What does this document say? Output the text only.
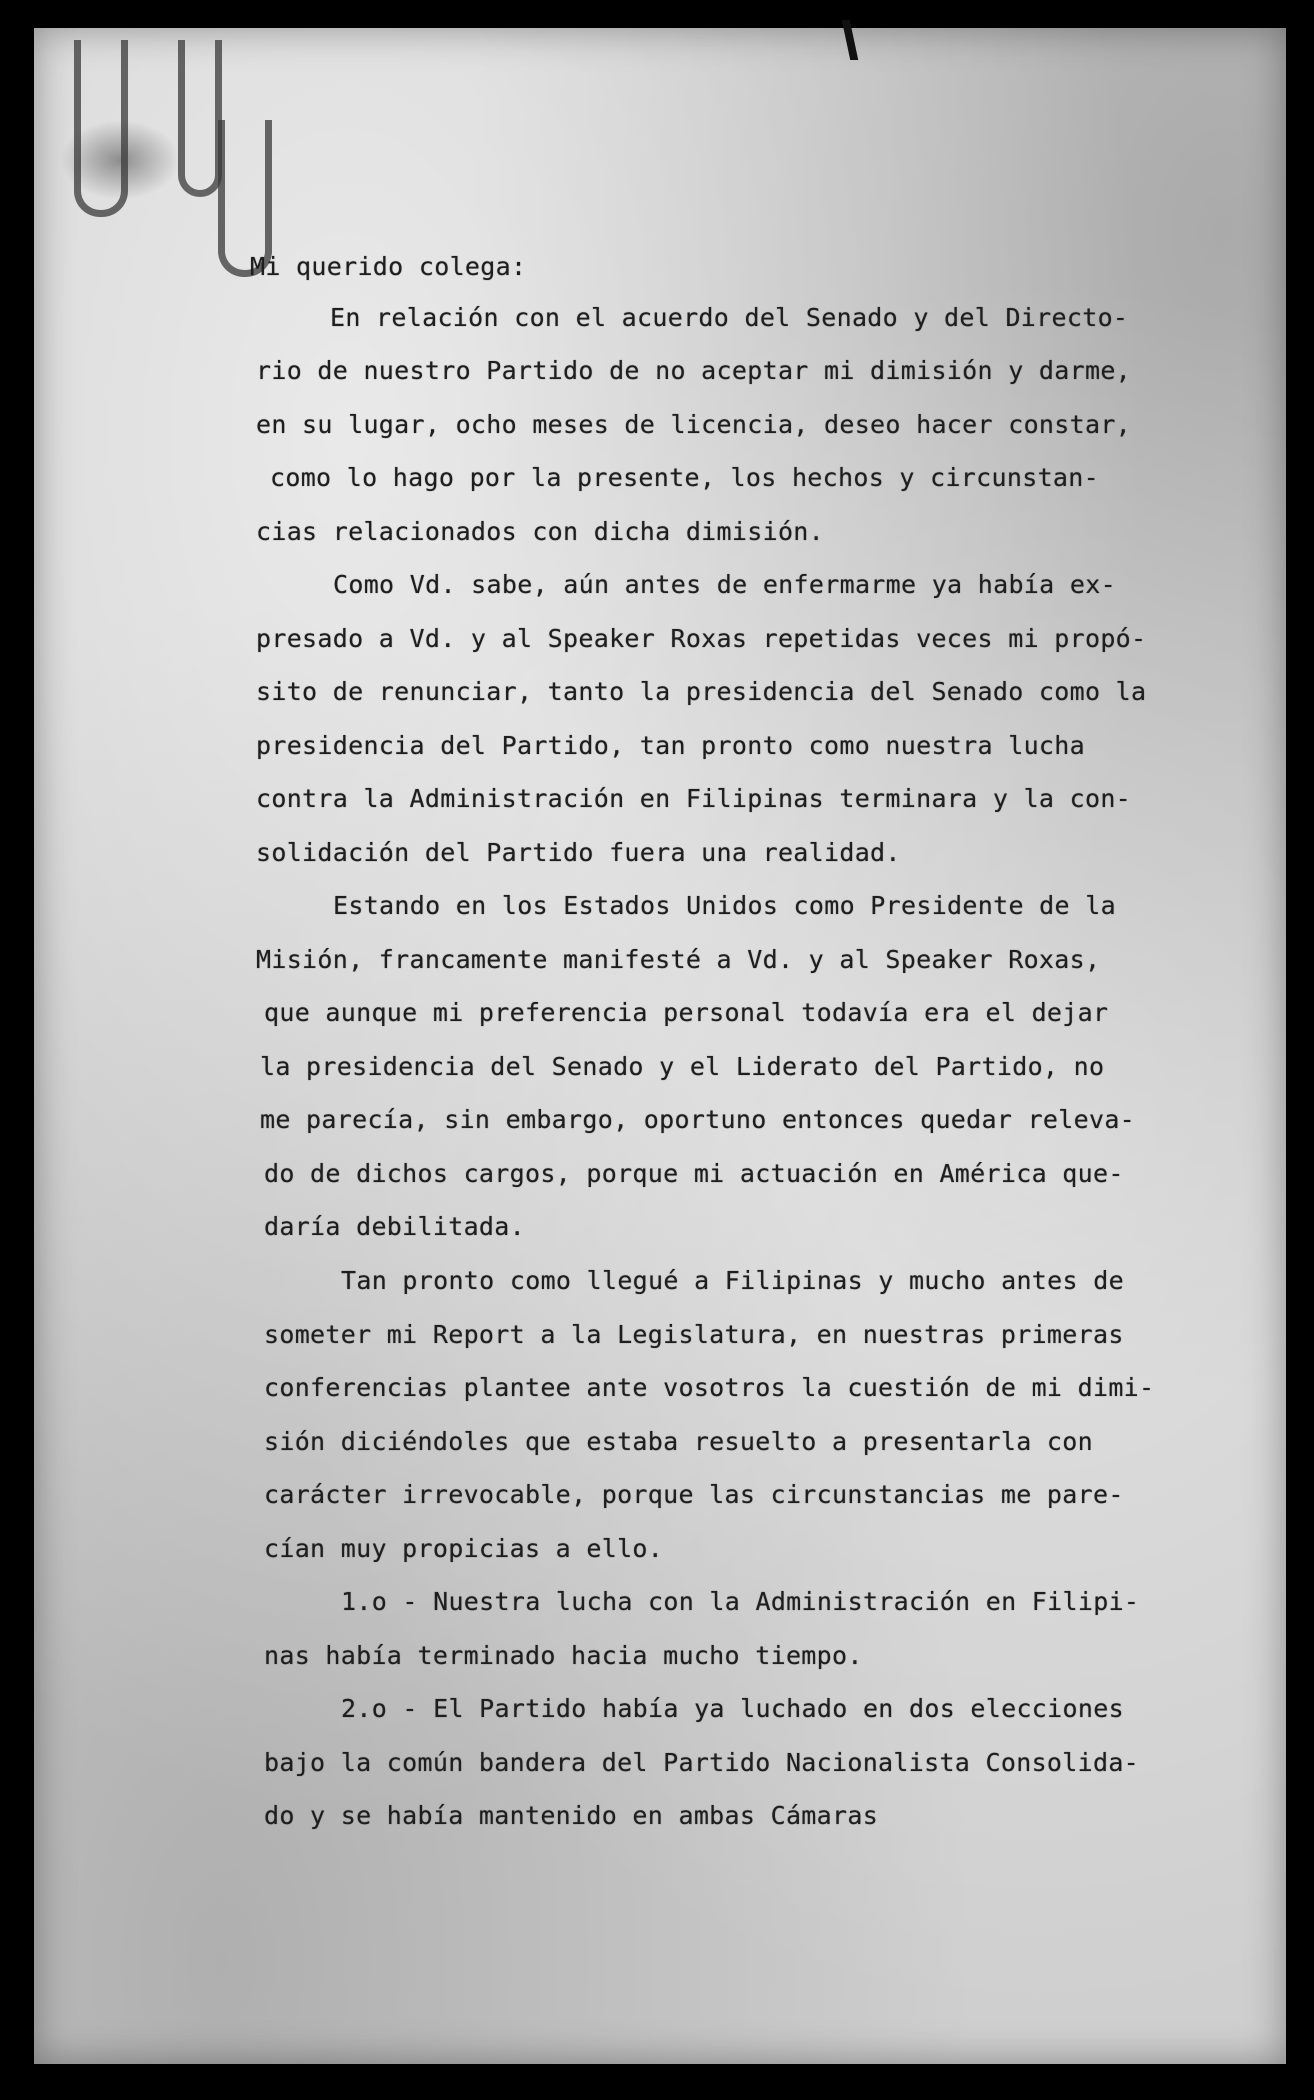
Mi querido colega:
En relación con el acuerdo del Senado y del Directo-
rio de nuestro Partido de no aceptar mi dimisión y darme,
en su lugar, ocho meses de licencia, deseo hacer constar,
como lo hago por la presente, los hechos y circunstan-
cias relacionados con dicha dimisión.
Como Vd. sabe, aún antes de enfermarme ya había ex-
presado a Vd. y al Speaker Roxas repetidas veces mi propó-
sito de renunciar, tanto la presidencia del Senado como la
presidencia del Partido, tan pronto como nuestra lucha
contra la Administración en Filipinas terminara y la con-
solidación del Partido fuera una realidad.
Estando en los Estados Unidos como Presidente de la
Misión, francamente manifesté a Vd. y al Speaker Roxas,
que aunque mi preferencia personal todavía era el dejar
la presidencia del Senado y el Liderato del Partido, no
me parecía, sin embargo, oportuno entonces quedar releva-
do de dichos cargos, porque mi actuación en América que-
daría debilitada.
Tan pronto como llegué a Filipinas y mucho antes de
someter mi Report a la Legislatura, en nuestras primeras
conferencias plantee ante vosotros la cuestión de mi dimi-
sión diciéndoles que estaba resuelto a presentarla con
carácter irrevocable, porque las circunstancias me pare-
cían muy propicias a ello.
1.o - Nuestra lucha con la Administración en Filipi-
nas había terminado hacia mucho tiempo.
2.o - El Partido había ya luchado en dos elecciones
bajo la común bandera del Partido Nacionalista Consolida-
do y se había mantenido en ambas Cámaras
